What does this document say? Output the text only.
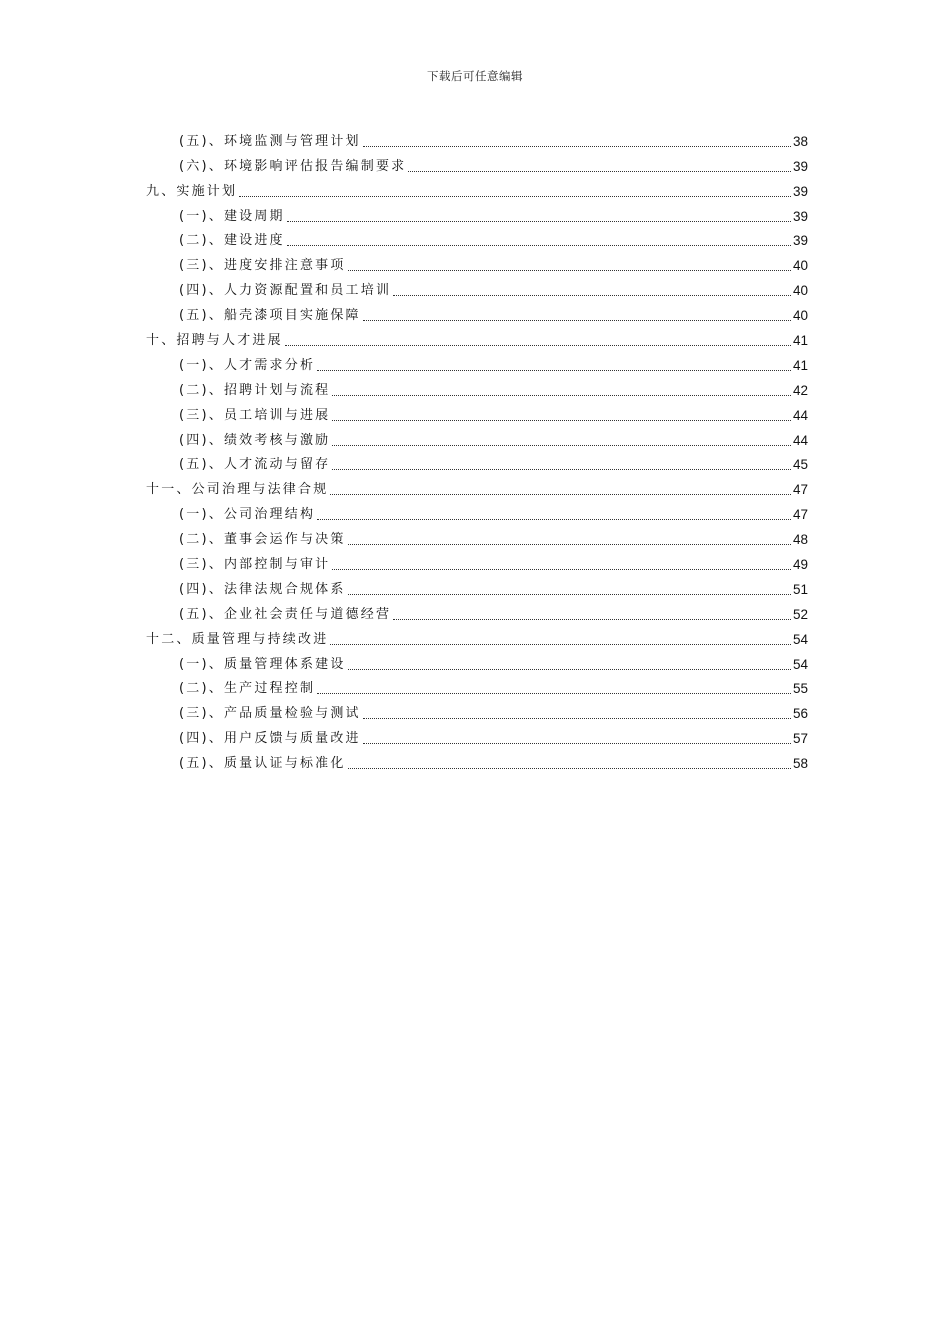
下载后可任意编辑
(五)、环境监测与管理计划	38
(六)、环境影响评估报告编制要求	39
九、实施计划	39
(一)、建设周期	39
(二)、建设进度	39
(三)、进度安排注意事项	40
(四)、人力资源配置和员工培训	40
(五)、船壳漆项目实施保障	40
十、招聘与人才进展	41
(一)、人才需求分析	41
(二)、招聘计划与流程	42
(三)、员工培训与进展	44
(四)、绩效考核与激励	44
(五)、人才流动与留存	45
十一、公司治理与法律合规	47
(一)、公司治理结构	47
(二)、董事会运作与决策	48
(三)、内部控制与审计	49
(四)、法律法规合规体系	51
(五)、企业社会责任与道德经营	52
十二、质量管理与持续改进	54
(一)、质量管理体系建设	54
(二)、生产过程控制	55
(三)、产品质量检验与测试	56
(四)、用户反馈与质量改进	57
(五)、质量认证与标准化	58
